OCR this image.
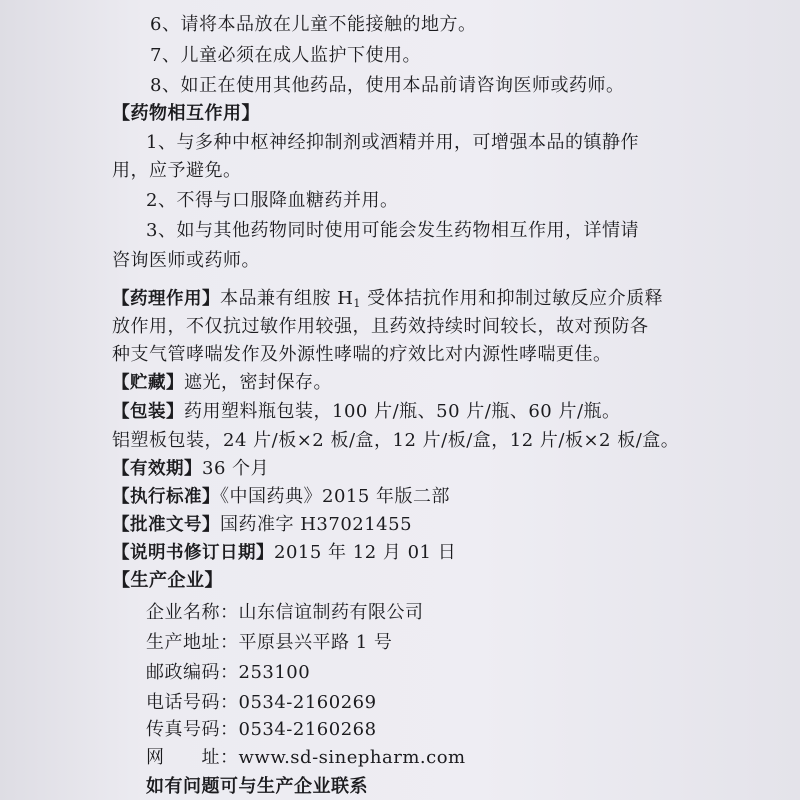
6、请将本品放在儿童不能接触的地方。
7、儿童必须在成人监护下使用。
8、如正在使用其他药品，使用本品前请咨询医师或药师。
【药物相互作用】
1、与多种中枢神经抑制剂或酒精并用，可增强本品的镇静作
用，应予避免。
2、不得与口服降血糖药并用。
3、如与其他药物同时使用可能会发生药物相互作用，详情请
咨询医师或药师。
【药理作用】本品兼有组胺 H1 受体拮抗作用和抑制过敏反应介质释
放作用，不仅抗过敏作用较强，且药效持续时间较长，故对预防各
种支气管哮喘发作及外源性哮喘的疗效比对内源性哮喘更佳。
【贮藏】遮光，密封保存。
【包装】药用塑料瓶包装，100 片/瓶、50 片/瓶、60 片/瓶。
铝塑板包装，24 片/板×2 板/盒，12 片/板/盒，12 片/板×2 板/盒。
【有效期】36 个月
【执行标准】《中国药典》2015 年版二部
【批准文号】国药准字 H37021455
【说明书修订日期】2015 年 12 月 01 日
【生产企业】
企业名称：山东信谊制药有限公司
生产地址：平原县兴平路 1 号
邮政编码：253100
电话号码：0534-2160269
传真号码：0534-2160268
网　　址：www.sd-sinepharm.com
如有问题可与生产企业联系
